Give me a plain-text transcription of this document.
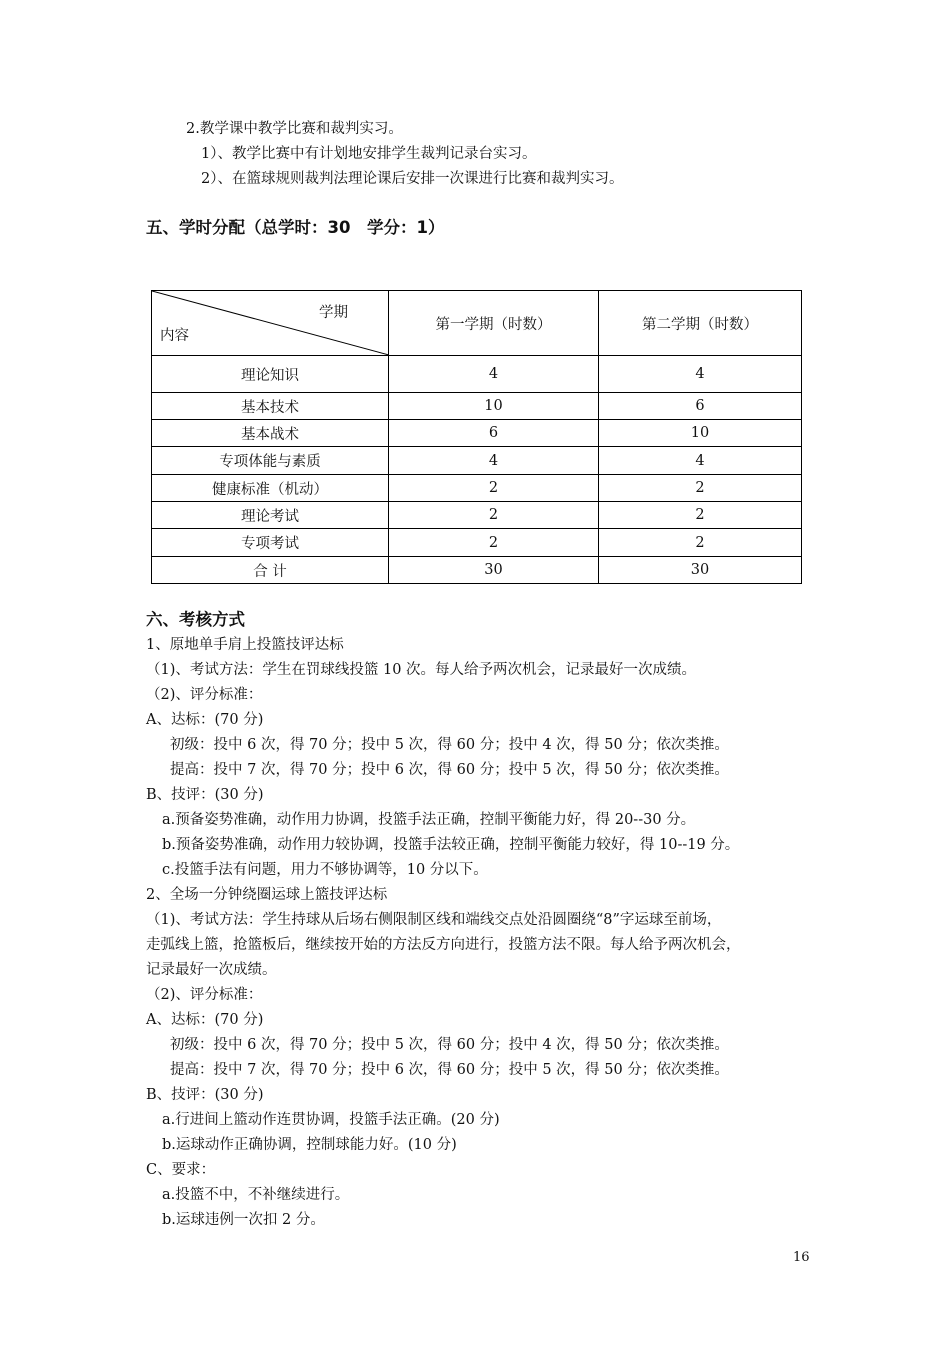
2.教学课中教学比赛和裁判实习。
1）、教学比赛中有计划地安排学生裁判记录台实习。
2）、在篮球规则裁判法理论课后安排一次课进行比赛和裁判实习。
五、学时分配（总学时：30　学分：1）
学期
内容	第一学期（时数）	第二学期（时数）
理论知识	4	4
基本技术	10	6
基本战术	6	10
专项体能与素质	4	4
健康标准（机动）	2	2
理论考试	2	2
专项考试	2	2
合 计	30	30
六、考核方式
1、原地单手肩上投篮技评达标
（1)、考试方法：学生在罚球线投篮 10 次。每人给予两次机会，记录最好一次成绩。
（2)、评分标准：
A、达标：(70 分)
初级：投中 6 次，得 70 分；投中 5 次，得 60 分；投中 4 次，得 50 分；依次类推。
提高：投中 7 次，得 70 分；投中 6 次，得 60 分；投中 5 次，得 50 分；依次类推。
B、技评：(30 分)
a.预备姿势准确，动作用力协调，投篮手法正确，控制平衡能力好，得 20--30 分。
b.预备姿势准确，动作用力较协调，投篮手法较正确，控制平衡能力较好，得 10--19 分。
c.投篮手法有问题，用力不够协调等，10 分以下。
2、全场一分钟绕圈运球上篮技评达标
（1)、考试方法：学生持球从后场右侧限制区线和端线交点处沿圆圈绕“8”字运球至前场，
走弧线上篮，抢篮板后，继续按开始的方法反方向进行，投篮方法不限。每人给予两次机会，
记录最好一次成绩。
（2)、评分标准：
A、达标：(70 分)
初级：投中 6 次，得 70 分；投中 5 次，得 60 分；投中 4 次，得 50 分；依次类推。
提高：投中 7 次，得 70 分；投中 6 次，得 60 分；投中 5 次，得 50 分；依次类推。
B、技评：(30 分)
a.行进间上篮动作连贯协调，投篮手法正确。(20 分)
b.运球动作正确协调，控制球能力好。(10 分)
C、要求：
a.投篮不中，不补继续进行。
b.运球违例一次扣 2 分。
16
